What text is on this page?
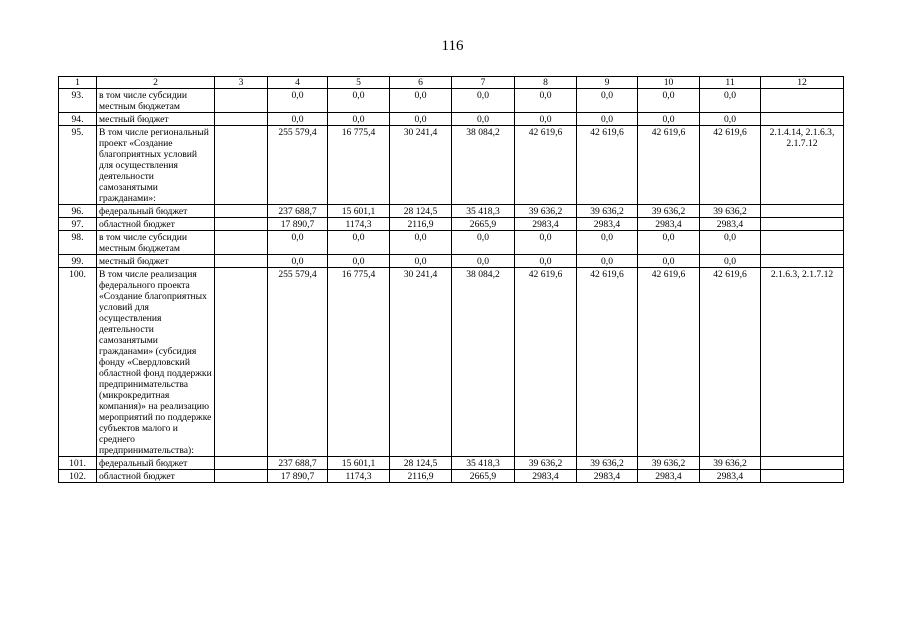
116
1	2	3	4	5	6	7	8	9	10	11	12
93.	в том числе субсидии местным бюджетам		0,0	0,0	0,0	0,0	0,0	0,0	0,0	0,0	
94.	местный бюджет		0,0	0,0	0,0	0,0	0,0	0,0	0,0	0,0	
95.	В том числе региональный проект «Создание благоприятных условий для осуществления деятельности самозанятыми гражданами»:		255 579,4	16 775,4	30 241,4	38 084,2	42 619,6	42 619,6	42 619,6	42 619,6	2.1.4.14, 2.1.6.3, 2.1.7.12
96.	федеральный бюджет		237 688,7	15 601,1	28 124,5	35 418,3	39 636,2	39 636,2	39 636,2	39 636,2	
97.	областной бюджет		17 890,7	1174,3	2116,9	2665,9	2983,4	2983,4	2983,4	2983,4	
98.	в том числе субсидии местным бюджетам		0,0	0,0	0,0	0,0	0,0	0,0	0,0	0,0	
99.	местный бюджет		0,0	0,0	0,0	0,0	0,0	0,0	0,0	0,0	
100.	В том числе реализация федерального проекта «Создание благоприятных условий для осуществления деятельности самозанятыми гражданами» (субсидия фонду «Свердловский областной фонд поддержки предпринимательства (микрокредитная компания)» на реализацию мероприятий по поддержке субъектов малого и среднего предпринимательства):		255 579,4	16 775,4	30 241,4	38 084,2	42 619,6	42 619,6	42 619,6	42 619,6	2.1.6.3, 2.1.7.12
101.	федеральный бюджет		237 688,7	15 601,1	28 124,5	35 418,3	39 636,2	39 636,2	39 636,2	39 636,2	
102.	областной бюджет		17 890,7	1174,3	2116,9	2665,9	2983,4	2983,4	2983,4	2983,4	
